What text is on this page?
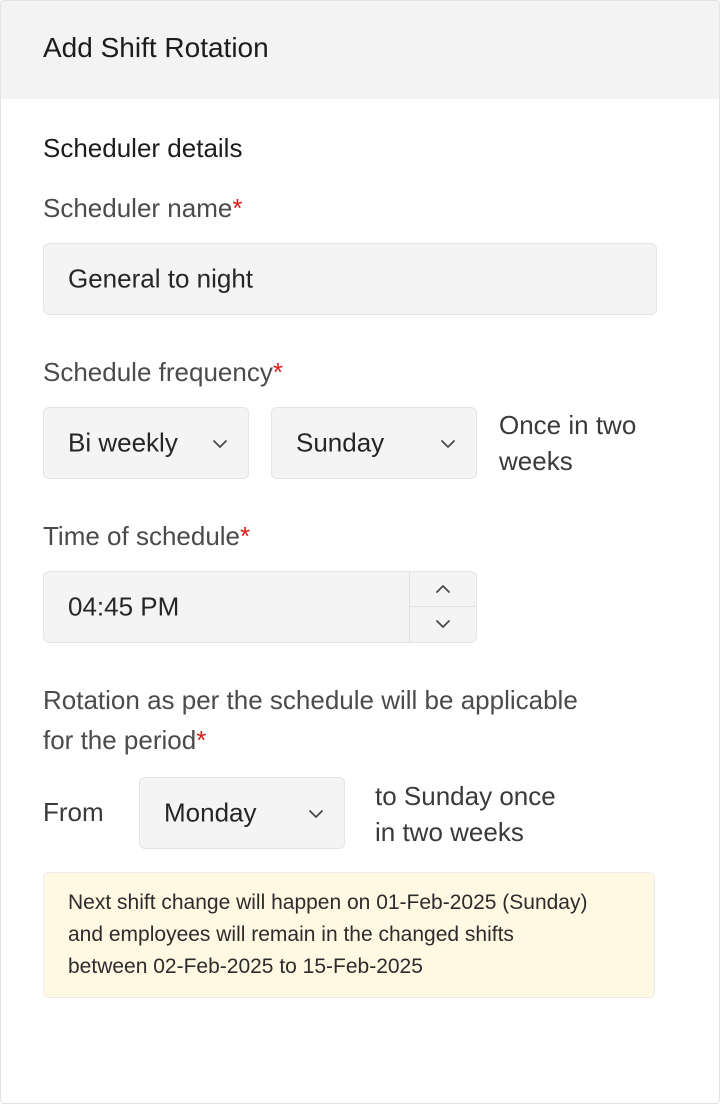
Add Shift Rotation
Scheduler details
Scheduler name*
General to night
Schedule frequency*
Bi weekly	Sunday
Once in two weeks
Time of schedule*
04:45 PM
Rotation as per the schedule will be applicable
for the period*
From Monday
to Sunday once
in two weeks
Next shift change will happen on 01-Feb-2025 (Sunday)
and employees will remain in the changed shifts
between 02-Feb-2025 to 15-Feb-2025
